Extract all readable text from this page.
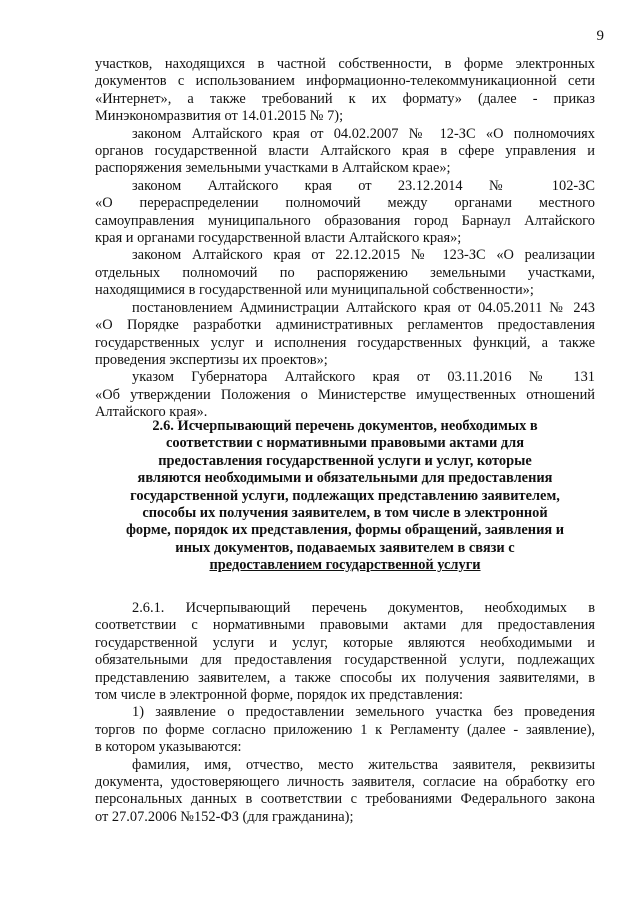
9
участков, находящихся в частной собственности, в форме электронных
документов с использованием информационно-телекоммуникационной сети
«Интернет», а также требований к их формату» (далее - приказ
Минэкономразвития от 14.01.2015 № 7);
законом Алтайского края от 04.02.2007 № 12-ЗС «О полномочиях
органов государственной власти Алтайского края в сфере управления и
распоряжения земельными участками в Алтайском крае»;
законом Алтайского края от 23.12.2014 № 102-ЗС
«О перераспределении полномочий между органами местного
самоуправления муниципального образования город Барнаул Алтайского
края и органами государственной власти Алтайского края»;
законом Алтайского края от 22.12.2015 № 123-ЗС «О реализации
отдельных полномочий по распоряжению земельными участками,
находящимися в государственной или муниципальной собственности»;
постановлением Администрации Алтайского края от 04.05.2011 № 243
«О Порядке разработки административных регламентов предоставления
государственных услуг и исполнения государственных функций, а также
проведения экспертизы их проектов»;
указом Губернатора Алтайского края от 03.11.2016 № 131
«Об утверждении Положения о Министерстве имущественных отношений
Алтайского края».
2.6. Исчерпывающий перечень документов, необходимых в
соответствии с нормативными правовыми актами для
предоставления государственной услуги и услуг, которые
являются необходимыми и обязательными для предоставления
государственной услуги, подлежащих представлению заявителем,
способы их получения заявителем, в том числе в электронной
форме, порядок их представления, формы обращений, заявления и
иных документов, подаваемых заявителем в связи с
предоставлением государственной услуги
2.6.1. Исчерпывающий перечень документов, необходимых в
соответствии с нормативными правовыми актами для предоставления
государственной услуги и услуг, которые являются необходимыми и
обязательными для предоставления государственной услуги, подлежащих
представлению заявителем, а также способы их получения заявителями, в
том числе в электронной форме, порядок их представления:
1) заявление о предоставлении земельного участка без проведения
торгов по форме согласно приложению 1 к Регламенту (далее - заявление),
в котором указываются:
фамилия, имя, отчество, место жительства заявителя, реквизиты
документа, удостоверяющего личность заявителя, согласие на обработку его
персональных данных в соответствии с требованиями Федерального закона
от 27.07.2006 №152-ФЗ (для гражданина);
